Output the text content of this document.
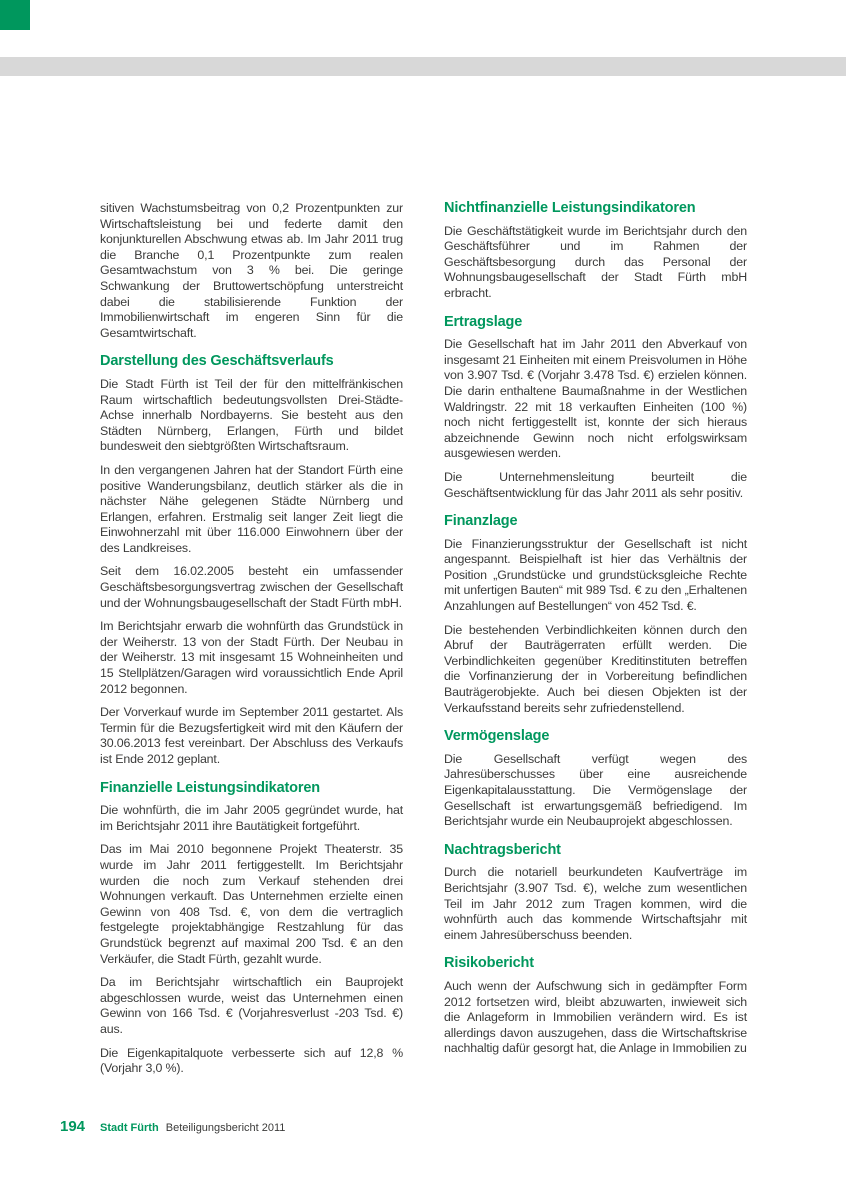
sitiven Wachstumsbeitrag von 0,2 Prozentpunkten zur Wirtschaftsleistung bei und federte damit den konjunkturellen Abschwung etwas ab. Im Jahr 2011 trug die Branche 0,1 Prozentpunkte zum realen Gesamtwachstum von 3 % bei. Die geringe Schwankung der Bruttowertschöpfung unterstreicht dabei die stabilisierende Funktion der Immobilienwirtschaft im engeren Sinn für die Gesamtwirtschaft.

Darstellung des Geschäftsverlaufs

Die Stadt Fürth ist Teil der für den mittelfränkischen Raum wirtschaftlich bedeutungsvollsten Drei-Städte-Achse innerhalb Nordbayerns. Sie besteht aus den Städten Nürnberg, Erlangen, Fürth und bildet bundesweit den siebtgrößten Wirtschaftsraum.

In den vergangenen Jahren hat der Standort Fürth eine positive Wanderungsbilanz, deutlich stärker als die in nächster Nähe gelegenen Städte Nürnberg und Erlangen, erfahren. Erstmalig seit langer Zeit liegt die Einwohnerzahl mit über 116.000 Einwohnern über der des Landkreises.

Seit dem 16.02.2005 besteht ein umfassender Geschäftsbesorgungsvertrag zwischen der Gesellschaft und der Wohnungsbaugesellschaft der Stadt Fürth mbH.

Im Berichtsjahr erwarb die wohnfürth das Grundstück in der Weiherstr. 13 von der Stadt Fürth. Der Neubau in der Weiherstr. 13 mit insgesamt 15 Wohneinheiten und 15 Stellplätzen/Garagen wird voraussichtlich Ende April 2012 begonnen.

Der Vorverkauf wurde im September 2011 gestartet. Als Termin für die Bezugsfertigkeit wird mit den Käufern der 30.06.2013 fest vereinbart. Der Abschluss des Verkaufs ist Ende 2012 geplant.

Finanzielle Leistungsindikatoren

Die wohnfürth, die im Jahr 2005 gegründet wurde, hat im Berichtsjahr 2011 ihre Bautätigkeit fortgeführt.

Das im Mai 2010 begonnene Projekt Theaterstr. 35 wurde im Jahr 2011 fertiggestellt. Im Berichtsjahr wurden die noch zum Verkauf stehenden drei Wohnungen verkauft. Das Unternehmen erzielte einen Gewinn von 408 Tsd. €, von dem die vertraglich festgelegte projektabhängige Restzahlung für das Grundstück begrenzt auf maximal 200 Tsd. € an den Verkäufer, die Stadt Fürth, gezahlt wurde.

Da im Berichtsjahr wirtschaftlich ein Bauprojekt abgeschlossen wurde, weist das Unternehmen einen Gewinn von 166 Tsd. € (Vorjahresverlust -203 Tsd. €) aus.

Die Eigenkapitalquote verbesserte sich auf 12,8 % (Vorjahr 3,0 %).

Nichtfinanzielle Leistungsindikatoren

Die Geschäftstätigkeit wurde im Berichtsjahr durch den Geschäftsführer und im Rahmen der Geschäftsbesorgung durch das Personal der Wohnungsbaugesellschaft der Stadt Fürth mbH erbracht.

Ertragslage

Die Gesellschaft hat im Jahr 2011 den Abverkauf von insgesamt 21 Einheiten mit einem Preisvolumen in Höhe von 3.907 Tsd. € (Vorjahr 3.478 Tsd. €) erzielen können. Die darin enthaltene Baumaßnahme in der Westlichen Waldringstr. 22 mit 18 verkauften Einheiten (100 %) noch nicht fertiggestellt ist, konnte der sich hieraus abzeichnende Gewinn noch nicht erfolgswirksam ausgewiesen werden.

Die Unternehmensleitung beurteilt die Geschäftsentwicklung für das Jahr 2011 als sehr positiv.

Finanzlage

Die Finanzierungsstruktur der Gesellschaft ist nicht angespannt. Beispielhaft ist hier das Verhältnis der Position „Grundstücke und grundstücksgleiche Rechte mit unfertigen Bauten“ mit 989 Tsd. € zu den „Erhaltenen Anzahlungen auf Bestellungen“ von 452 Tsd. €.

Die bestehenden Verbindlichkeiten können durch den Abruf der Bauträgerraten erfüllt werden. Die Verbindlichkeiten gegenüber Kreditinstituten betreffen die Vorfinanzierung der in Vorbereitung befindlichen Bauträgerobjekte. Auch bei diesen Objekten ist der Verkaufsstand bereits sehr zufriedenstellend.

Vermögenslage

Die Gesellschaft verfügt wegen des Jahresüberschusses über eine ausreichende Eigenkapitalausstattung. Die Vermögenslage der Gesellschaft ist erwartungsgemäß befriedigend. Im Berichtsjahr wurde ein Neubauprojekt abgeschlossen.

Nachtragsbericht

Durch die notariell beurkundeten Kaufverträge im Berichtsjahr (3.907 Tsd. €), welche zum wesentlichen Teil im Jahr 2012 zum Tragen kommen, wird die wohnfürth auch das kommende Wirtschaftsjahr mit einem Jahresüberschuss beenden.

Risikobericht

Auch wenn der Aufschwung sich in gedämpfter Form 2012 fortsetzen wird, bleibt abzuwarten, inwieweit sich die Anlageform in Immobilien verändern wird. Es ist allerdings davon auszugehen, dass die Wirtschaftskrise nachhaltig dafür gesorgt hat, die Anlage in Immobilien zu

194 Stadt Fürth Beteiligungsbericht 2011
